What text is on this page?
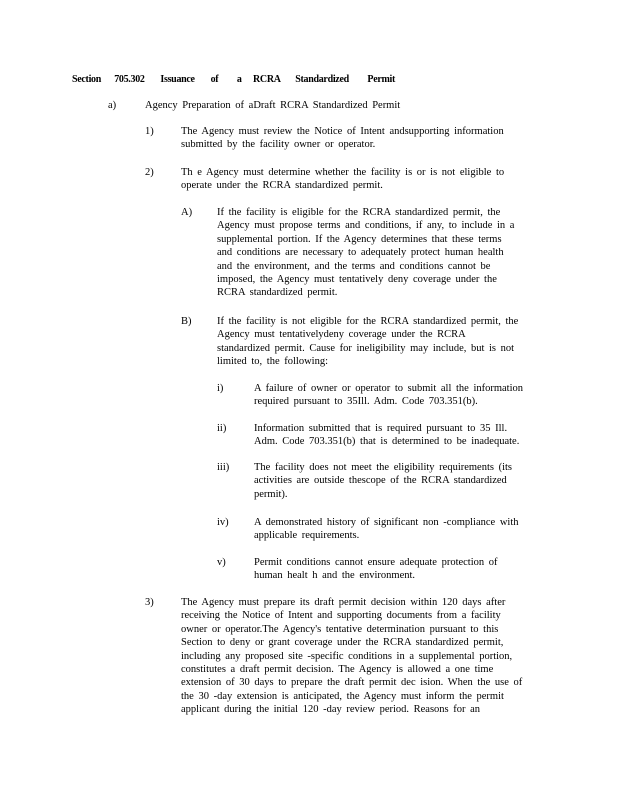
Section 705.302 Issuance of a RCRA Standardized Permit
a)	Agency Preparation of aDraft RCRA Standardized Permit
1)	The Agency must review the Notice of Intent andsupporting information
submitted by the facility owner or operator.
2)	Th e Agency must determine whether the facility is or is not eligible to
operate under the RCRA standardized permit.
A) If the facility is eligible for the RCRA standardized permit, the
Agency must propose terms and conditions, if any, to include in a
supplemental portion. If the Agency determines that these terms
and conditions are necessary to adequately protect human health
and the environment, and the terms and conditions cannot be
imposed, the Agency must tentatively deny coverage under the
RCRA standardized permit.
B) If the facility is not eligible for the RCRA standardized permit, the
Agency must tentativelydeny coverage under the RCRA
standardized permit. Cause for ineligibility may include, but is not
limited to, the following:
i)	A failure of owner or operator to submit all the information
required pursuant to 35Ill. Adm. Code 703.351(b).
ii)	Information submitted that is required pursuant to 35 Ill.
Adm. Code 703.351(b) that is determined to be inadequate.
iii) The facility does not meet the eligibility requirements (its
activities are outside thescope of the RCRA standardized
permit).
iv) A demonstrated history of significant non -compliance with
applicable requirements.
v)	Permit conditions cannot ensure adequate protection of
human healt h and the environment.
3)	The Agency must prepare its draft permit decision within 120 days after
receiving the Notice of Intent and supporting documents from a facility
owner or operator.The Agency's tentative determination pursuant to this
Section to deny or grant coverage under the RCRA standardized permit,
including any proposed site -specific conditions in a supplemental portion,
constitutes a draft permit decision. The Agency is allowed a one time
extension of 30 days to prepare the draft permit dec ision. When the use of
the 30 -day extension is anticipated, the Agency must inform the permit
applicant during the initial 120 -day review period. Reasons for an
